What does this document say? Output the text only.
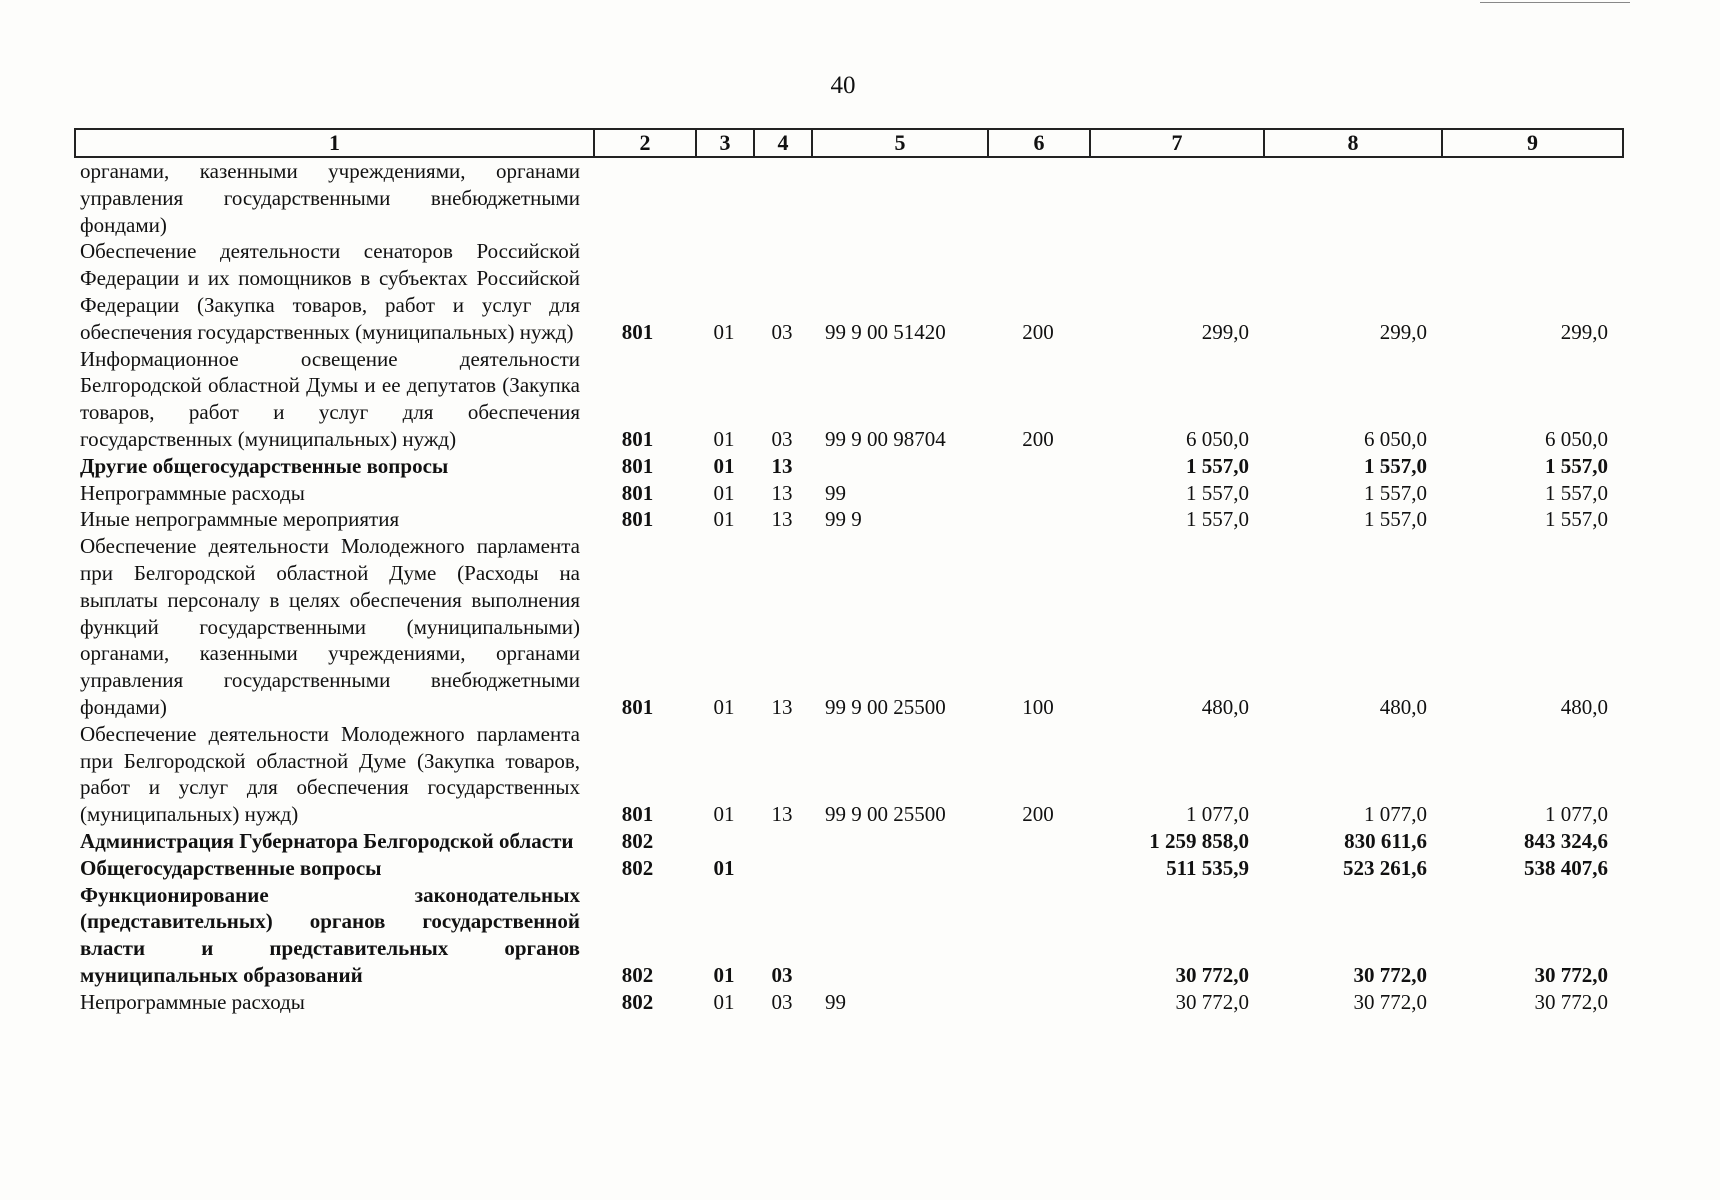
40
1	2	3	4	5	6	7	8	9
органами, казенными учреждениями, органами управления государственными внебюджетными фондами)								
Обеспечение деятельности сенаторов Российской Федерации и их помощников в субъектах Российской Федерации (Закупка товаров, работ и услуг для обеспечения государственных (муниципальных) нужд)	801	01	03	99 9 00 51420	200	299,0	299,0	299,0
Информационное освещение деятельности Белгородской областной Думы и ее депутатов (Закупка товаров, работ и услуг для обеспечения государственных (муниципальных) нужд)	801	01	03	99 9 00 98704	200	6 050,0	6 050,0	6 050,0
Другие общегосударственные вопросы	801	01	13			1 557,0	1 557,0	1 557,0
Непрограммные расходы	801	01	13	99		1 557,0	1 557,0	1 557,0
Иные непрограммные мероприятия	801	01	13	99 9		1 557,0	1 557,0	1 557,0
Обеспечение деятельности Молодежного парламента при Белгородской областной Думе (Расходы на выплаты персоналу в целях обеспечения выполнения функций государственными (муниципальными) органами, казенными учреждениями, органами управления государственными внебюджетными фондами)	801	01	13	99 9 00 25500	100	480,0	480,0	480,0
Обеспечение деятельности Молодежного парламента при Белгородской областной Думе (Закупка товаров, работ и услуг для обеспечения государственных (муниципальных) нужд)	801	01	13	99 9 00 25500	200	1 077,0	1 077,0	1 077,0
Администрация Губернатора Белгородской области	802					1 259 858,0	830 611,6	843 324,6
Общегосударственные вопросы	802	01				511 535,9	523 261,6	538 407,6
Функционирование законодательных (представительных) органов государственной власти и представительных органов муниципальных образований	802	01	03			30 772,0	30 772,0	30 772,0
Непрограммные расходы	802	01	03	99		30 772,0	30 772,0	30 772,0
